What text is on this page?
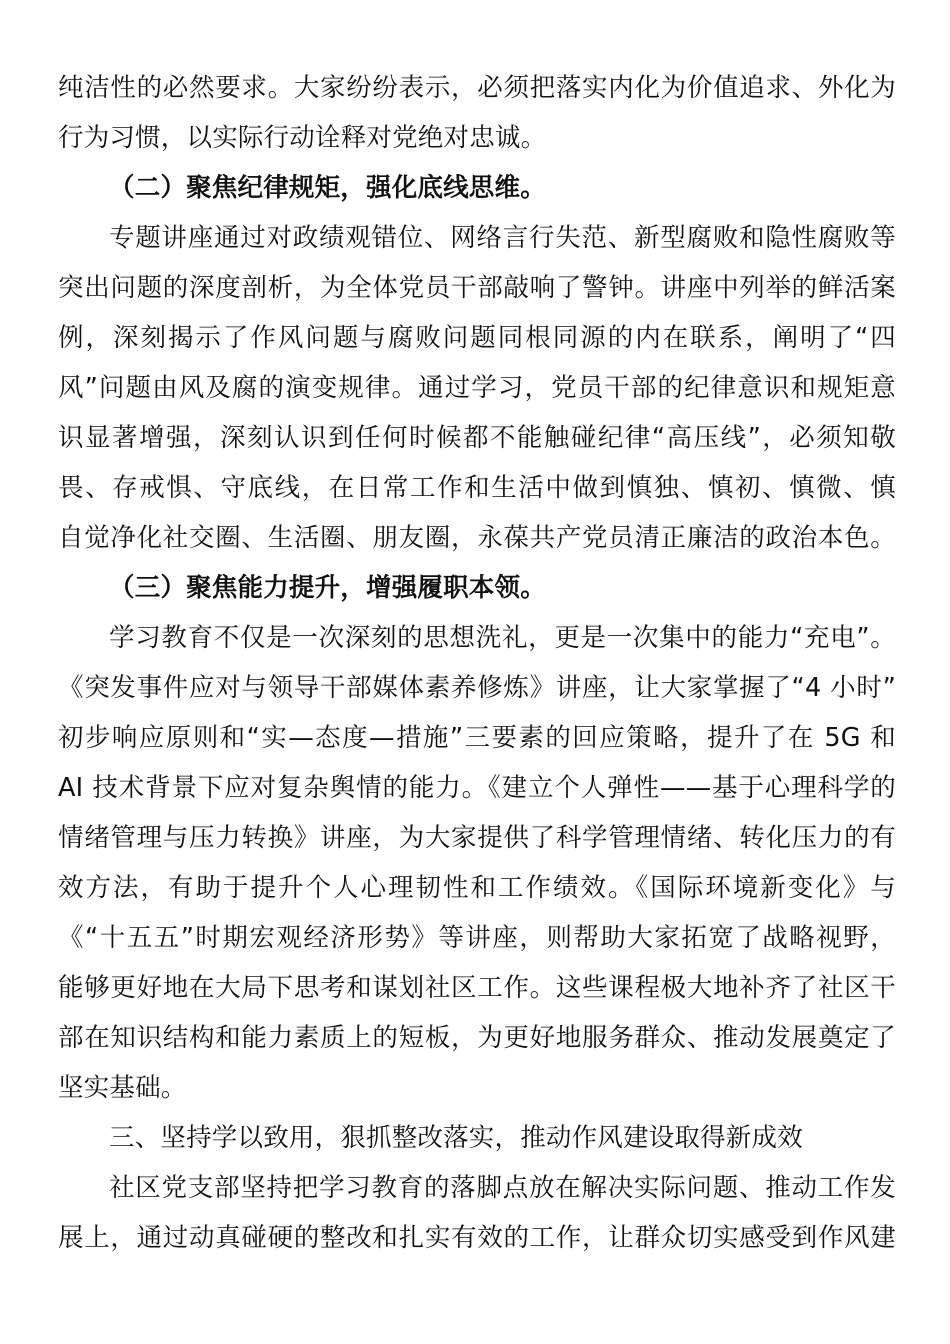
纯洁性的必然要求。大家纷纷表示，必须把落实内化为价值追求、外化为
行为习惯，以实际行动诠释对党绝对忠诚。
（二）聚焦纪律规矩，强化底线思维。
专题讲座通过对政绩观错位、网络言行失范、新型腐败和隐性腐败等
突出问题的深度剖析，为全体党员干部敲响了警钟。讲座中列举的鲜活案
例，深刻揭示了作风问题与腐败问题同根同源的内在联系，阐明了“四
风”问题由风及腐的演变规律。通过学习，党员干部的纪律意识和规矩意
识显著增强，深刻认识到任何时候都不能触碰纪律“高压线”，必须知敬
畏、存戒惧、守底线，在日常工作和生活中做到慎独、慎初、慎微、慎
自觉净化社交圈、生活圈、朋友圈，永葆共产党员清正廉洁的政治本色。
（三）聚焦能力提升，增强履职本领。
学习教育不仅是一次深刻的思想洗礼，更是一次集中的能力“充电”。
《突发事件应对与领导干部媒体素养修炼》讲座，让大家掌握了“4 小时”
初步响应原则和“实—态度—措施”三要素的回应策略，提升了在 5G 和
AI 技术背景下应对复杂舆情的能力。《建立个人弹性——基于心理科学的
情绪管理与压力转换》讲座，为大家提供了科学管理情绪、转化压力的有
效方法，有助于提升个人心理韧性和工作绩效。《国际环境新变化》与
《“十五五”时期宏观经济形势》等讲座，则帮助大家拓宽了战略视野，
能够更好地在大局下思考和谋划社区工作。这些课程极大地补齐了社区干
部在知识结构和能力素质上的短板，为更好地服务群众、推动发展奠定了
坚实基础。
三、坚持学以致用，狠抓整改落实，推动作风建设取得新成效
社区党支部坚持把学习教育的落脚点放在解决实际问题、推动工作发
展上，通过动真碰硬的整改和扎实有效的工作，让群众切实感受到作风建
